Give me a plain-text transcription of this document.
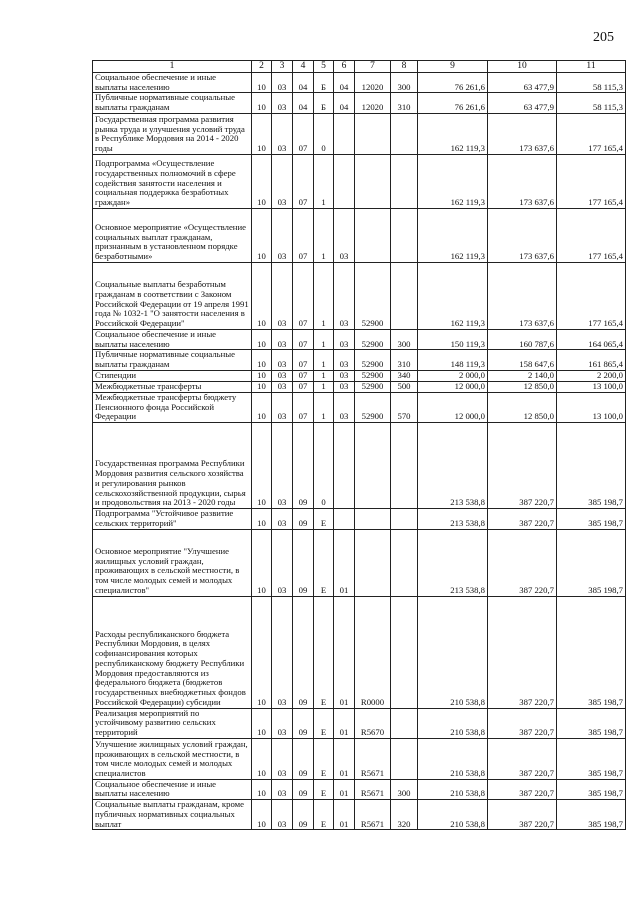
205
1	2	3	4	5	6	7	8	9	10	11
Социальное обеспечение и иные выплаты населению	10	03	04	Б	04	12020	300	76 261,6	63 477,9	58 115,3
Публичные нормативные социальные выплаты гражданам	10	03	04	Б	04	12020	310	76 261,6	63 477,9	58 115,3
Государственная программа развития рынка труда и улучшения условий труда в Республике Мордовия на 2014 - 2020 годы	10	03	07	0				162 119,3	173 637,6	177 165,4
Подпрограмма «Осуществление государственных полномочий в сфере содействия занятости населения и социальная поддержка безработных граждан»	10	03	07	1				162 119,3	173 637,6	177 165,4
Основное мероприятие «Осуществление социальных выплат гражданам, признанным в установленном порядке безработными»	10	03	07	1	03			162 119,3	173 637,6	177 165,4
Социальные выплаты безработным гражданам в соответствии с Законом Российской Федерации от 19 апреля 1991 года № 1032-1 "О занятости населения в Российской Федерации"	10	03	07	1	03	52900		162 119,3	173 637,6	177 165,4
Социальное обеспечение и иные выплаты населению	10	03	07	1	03	52900	300	150 119,3	160 787,6	164 065,4
Публичные нормативные социальные выплаты гражданам	10	03	07	1	03	52900	310	148 119,3	158 647,6	161 865,4
Стипендии	10	03	07	1	03	52900	340	2 000,0	2 140,0	2 200,0
Межбюджетные трансферты	10	03	07	1	03	52900	500	12 000,0	12 850,0	13 100,0
Межбюджетные трансферты бюджету Пенсионного фонда Российской Федерации	10	03	07	1	03	52900	570	12 000,0	12 850,0	13 100,0
Государственная программа Республики Мордовия развития сельского хозяйства и регулирования рынков сельскохозяйственной продукции, сырья и продовольствия на 2013 - 2020 годы	10	03	09	0				213 538,8	387 220,7	385 198,7
Подпрограмма "Устойчивое развитие сельских территорий"	10	03	09	Е				213 538,8	387 220,7	385 198,7
Основное мероприятие "Улучшение жилищных условий граждан, проживающих в сельской местности, в том числе молодых семей и молодых специалистов"	10	03	09	Е	01			213 538,8	387 220,7	385 198,7
Расходы республиканского бюджета Республики Мордовия, в целях софинансирования которых республиканскому бюджету Республики Мордовия предоставляются из федерального бюджета (бюджетов государственных внебюджетных фондов Российской Федерации) субсидии	10	03	09	Е	01	R0000		210 538,8	387 220,7	385 198,7
Реализация мероприятий по устойчивому развитию сельских территорий	10	03	09	Е	01	R5670		210 538,8	387 220,7	385 198,7
Улучшение жилищных условий граждан, проживающих в сельской местности, в том числе молодых семей и молодых специалистов	10	03	09	Е	01	R5671		210 538,8	387 220,7	385 198,7
Социальное обеспечение и иные выплаты населению	10	03	09	Е	01	R5671	300	210 538,8	387 220,7	385 198,7
Социальные выплаты гражданам, кроме публичных нормативных социальных выплат	10	03	09	Е	01	R5671	320	210 538,8	387 220,7	385 198,7
